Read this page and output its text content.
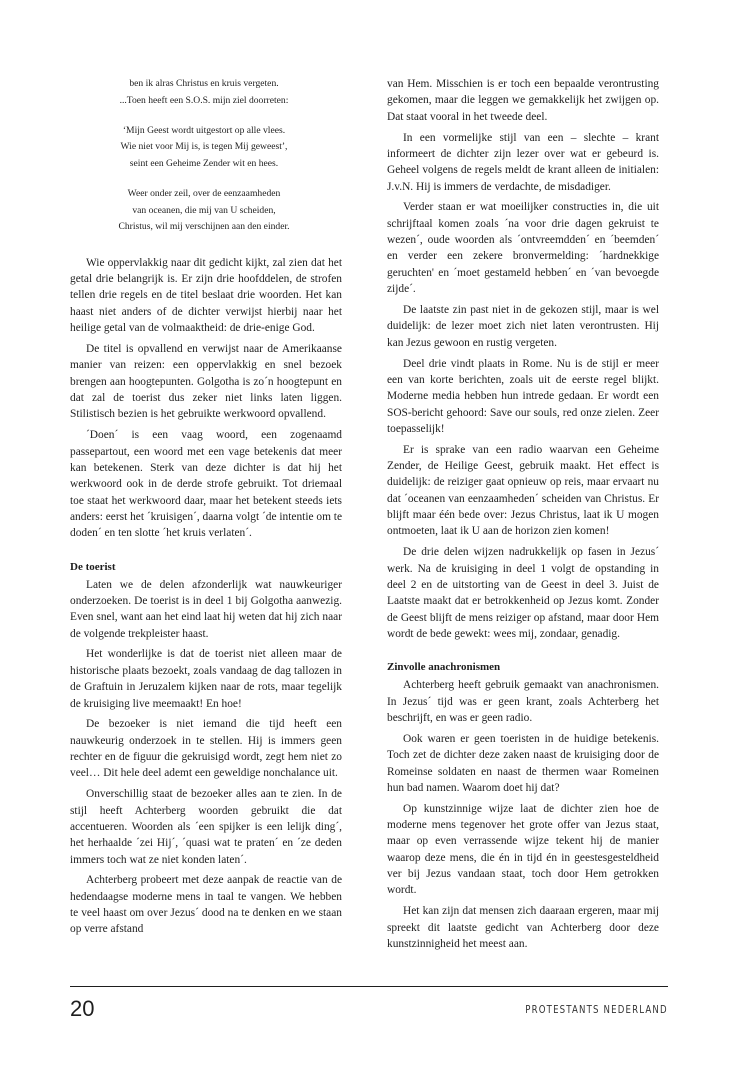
ben ik alras Christus en kruis vergeten.
...Toen heeft een S.O.S. mijn ziel doorreten:
‘Mijn Geest wordt uitgestort op alle vlees.
Wie niet voor Mij is, is tegen Mij geweest’,
seint een Geheime Zender wit en hees.
Weer onder zeil, over de eenzaamheden
van oceanen, die mij van U scheiden,
Christus, wil mij verschijnen aan den einder.

Wie oppervlakkig naar dit gedicht kijkt, zal zien dat het getal drie belangrijk is. Er zijn drie hoofddelen, de strofen tellen drie regels en de titel beslaat drie woorden. Het kan haast niet anders of de dichter verwijst hierbij naar het heilige getal van de volmaaktheid: de drie-enige God.

De titel is opvallend en verwijst naar de Amerikaanse manier van reizen: een oppervlakkig en snel bezoek brengen aan hoogtepunten. Golgotha is zo´n hoogtepunt en dat zal de toerist dus zeker niet links laten liggen. Stilistisch bezien is het gebruikte werkwoord opvallend.

´Doen´ is een vaag woord, een zogenaamd passepartout, een woord met een vage betekenis dat meer kan betekenen. Sterk van deze dichter is dat hij het werkwoord ook in de derde strofe gebruikt. Tot driemaal toe staat het werkwoord daar, maar het betekent steeds iets anders: eerst het ´kruisigen´, daarna volgt ´de intentie om te doden´ en ten slotte ´het kruis verlaten´.

De toerist

Laten we de delen afzonderlijk wat nauwkeuriger onderzoeken. De toerist is in deel 1 bij Golgotha aanwezig. Even snel, want aan het eind laat hij weten dat hij zich naar de volgende trekpleister haast.

Het wonderlijke is dat de toerist niet alleen maar de historische plaats bezoekt, zoals vandaag de dag tallozen in de Graftuin in Jeruzalem kijken naar de rots, maar tegelijk de kruisiging live meemaakt! En hoe!

De bezoeker is niet iemand die tijd heeft een nauwkeurig onderzoek in te stellen. Hij is immers geen rechter en de figuur die gekruisigd wordt, zegt hem niet zo veel… Dit hele deel ademt een geweldige nonchalance uit.

Onverschillig staat de bezoeker alles aan te zien. In de stijl heeft Achterberg woorden gebruikt die dat accentueren. Woorden als ´een spijker is een lelijk ding´, het herhaalde ´zei Hij´, ´quasi wat te praten´ en ´ze deden immers toch wat ze niet konden laten´.

Achterberg probeert met deze aanpak de reactie van de hedendaagse moderne mens in taal te vangen. We hebben te veel haast om over Jezus´ dood na te denken en we staan op verre afstand

van Hem. Misschien is er toch een bepaalde verontrusting gekomen, maar die leggen we gemakkelijk het zwijgen op. Dat staat vooral in het tweede deel.

In een vormelijke stijl van een – slechte – krant informeert de dichter zijn lezer over wat er gebeurd is. Geheel volgens de regels meldt de krant alleen de initialen: J.v.N. Hij is immers de verdachte, de misdadiger.

Verder staan er wat moeilijker constructies in, die uit schrijftaal komen zoals ´na voor drie dagen gekruist te wezen´, oude woorden als ´ontvreemdden´ en ´beemden´ en verder een zekere bronvermelding: ´hardnekkige geruchten' en ´moet gestameld hebben´ en ´van bevoegde zijde´.

De laatste zin past niet in de gekozen stijl, maar is wel duidelijk: de lezer moet zich niet laten verontrusten. Hij kan Jezus gewoon en rustig vergeten.

Deel drie vindt plaats in Rome. Nu is de stijl er meer een van korte berichten, zoals uit de eerste regel blijkt. Moderne media hebben hun intrede gedaan. Er wordt een SOS-bericht gehoord: Save our souls, red onze zielen. Zeer toepasselijk!

Er is sprake van een radio waarvan een Geheime Zender, de Heilige Geest, gebruik maakt. Het effect is duidelijk: de reiziger gaat opnieuw op reis, maar ervaart nu dat ´oceanen van eenzaamheden´ scheiden van Christus. Er blijft maar één bede over: Jezus Christus, laat ik U mogen ontmoeten, laat ik U aan de horizon zien komen!

De drie delen wijzen nadrukkelijk op fasen in Jezus´ werk. Na de kruisiging in deel 1 volgt de opstanding in deel 2 en de uitstorting van de Geest in deel 3. Juist de Laatste maakt dat er betrokkenheid op Jezus komt. Zonder de Geest blijft de mens reiziger op afstand, maar door Hem wordt de bede gewekt: wees mij, zondaar, genadig.

Zinvolle anachronismen

Achterberg heeft gebruik gemaakt van anachronismen. In Jezus´ tijd was er geen krant, zoals Achterberg het beschrijft, en was er geen radio.

Ook waren er geen toeristen in de huidige betekenis. Toch zet de dichter deze zaken naast de kruisiging door de Romeinse soldaten en naast de thermen waar Romeinen hun bad namen. Waarom doet hij dat?

Op kunstzinnige wijze laat de dichter zien hoe de moderne mens tegenover het grote offer van Jezus staat, maar op even verrassende wijze tekent hij de manier waarop deze mens, die én in tijd én in geestesgesteldheid ver bij Jezus vandaan staat, toch door Hem getrokken wordt.

Het kan zijn dat mensen zich daaraan ergeren, maar mij spreekt dit laatste gedicht van Achterberg door deze kunstzinnigheid het meest aan.

20	PROTESTANTS NEDERLAND
